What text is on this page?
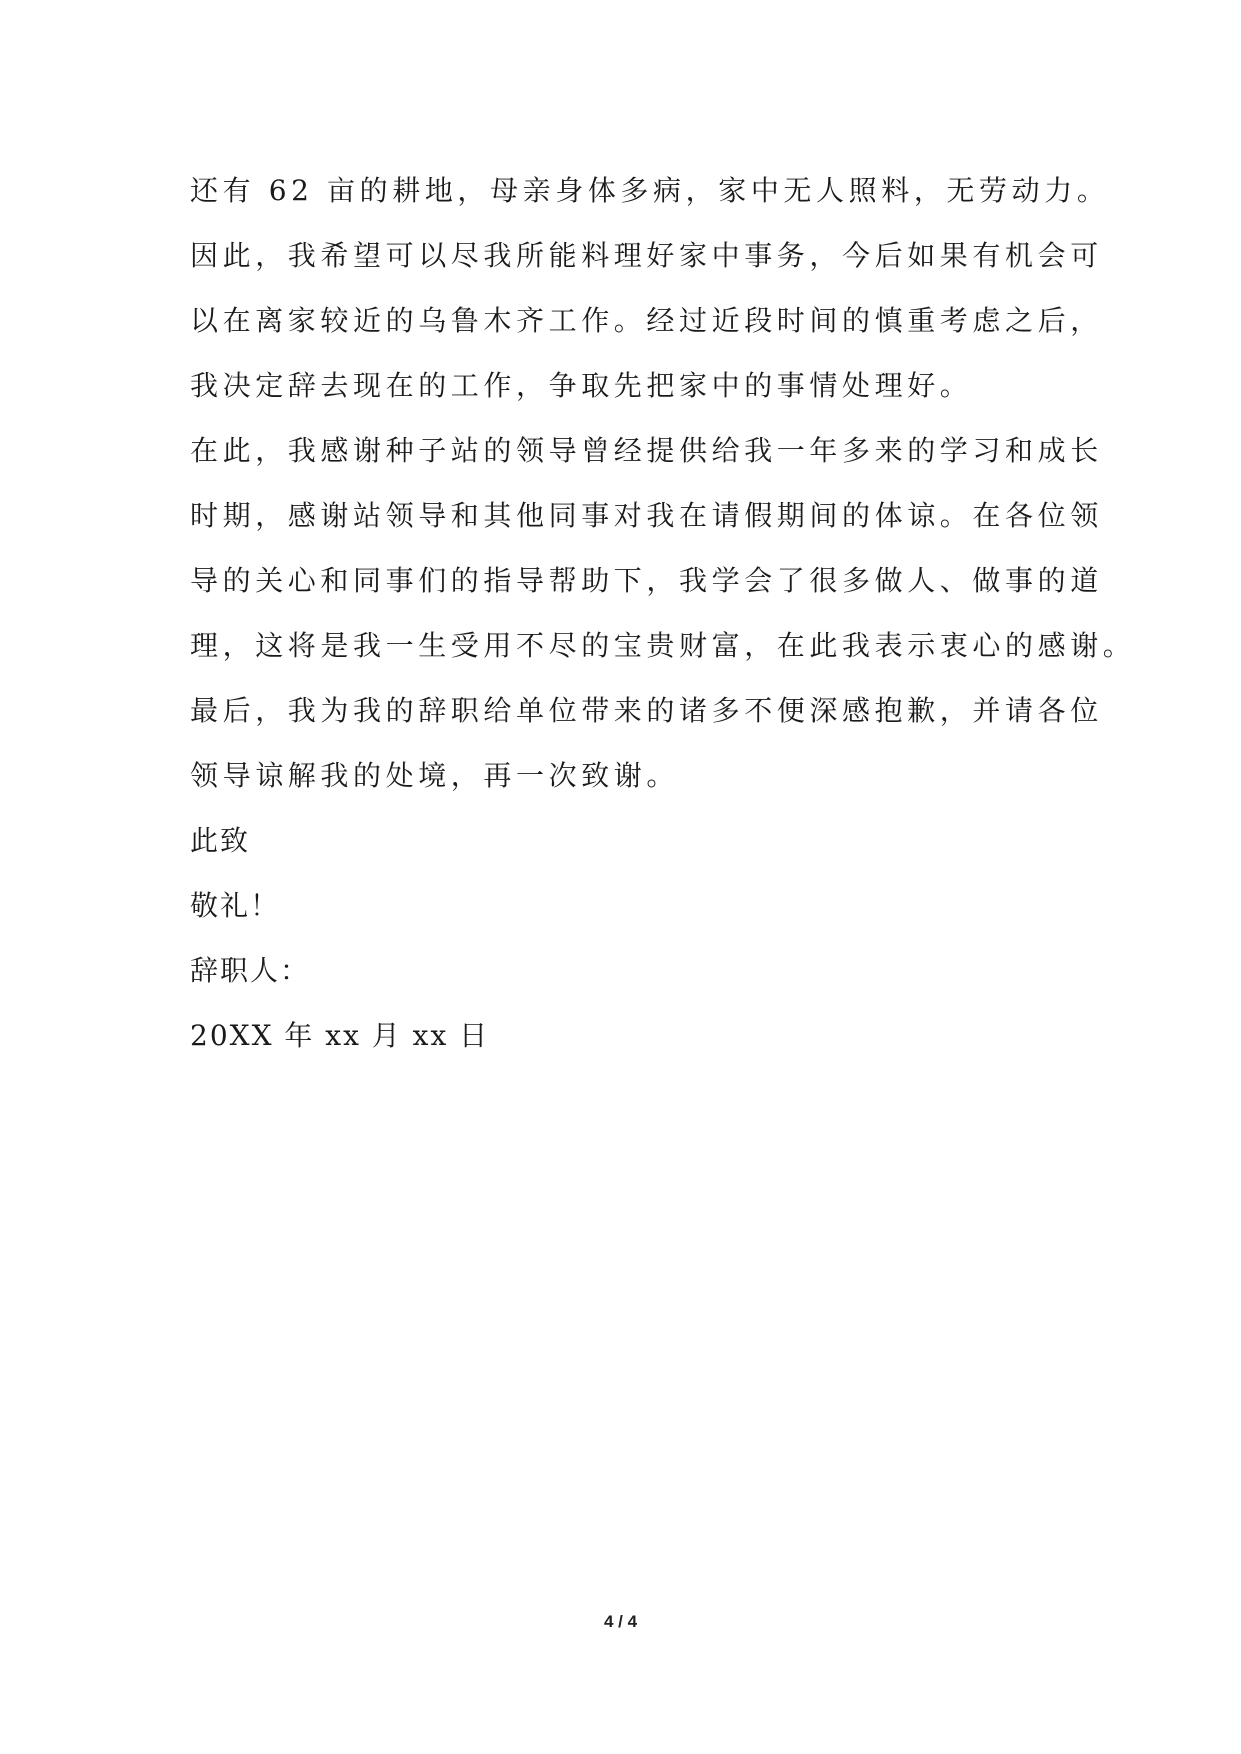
还有 62 亩的耕地，母亲身体多病，家中无人照料，无劳动力。
因此，我希望可以尽我所能料理好家中事务，今后如果有机会可
以在离家较近的乌鲁木齐工作。经过近段时间的慎重考虑之后，
我决定辞去现在的工作，争取先把家中的事情处理好。
在此，我感谢种子站的领导曾经提供给我一年多来的学习和成长
时期，感谢站领导和其他同事对我在请假期间的体谅。在各位领
导的关心和同事们的指导帮助下，我学会了很多做人、做事的道
理，这将是我一生受用不尽的宝贵财富，在此我表示衷心的感谢。
最后，我为我的辞职给单位带来的诸多不便深感抱歉，并请各位
领导谅解我的处境，再一次致谢。
此致
敬礼！
辞职人：
20XX 年 xx 月 xx 日
4 / 4
